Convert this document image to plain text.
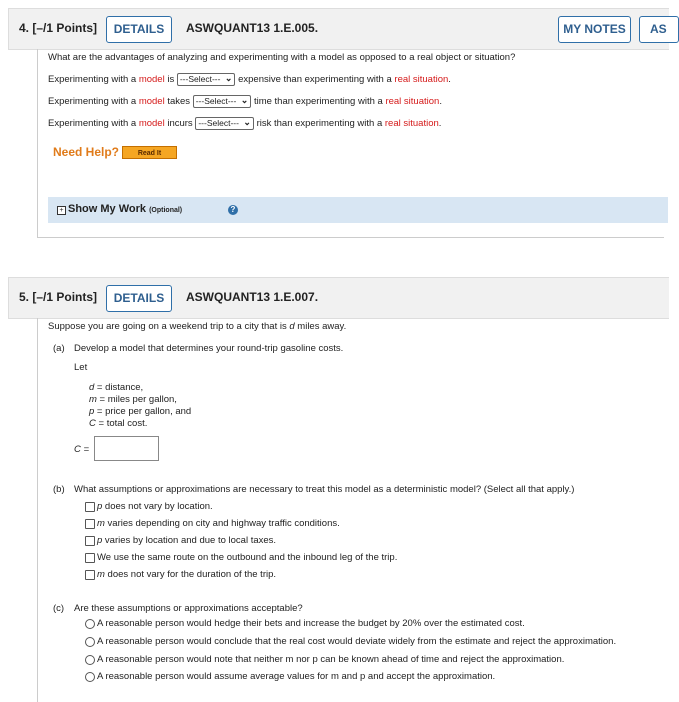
4. [–/1 Points]	DETAILS	ASWQUANT13 1.E.005.	MY NOTES	AS
What are the advantages of analyzing and experimenting with a model as opposed to a real object or situation?
Experimenting with a model is ---Select--- ⌄ expensive than experimenting with a real situation.
Experimenting with a model takes ---Select--- ⌄ time than experimenting with a real situation.
Experimenting with a model incurs ---Select--- ⌄ risk than experimenting with a real situation.
Need Help?	Read It
+ Show My Work (Optional)	?
5. [–/1 Points]	DETAILS	ASWQUANT13 1.E.007.
Suppose you are going on a weekend trip to a city that is d miles away.
(a) Develop a model that determines your round-trip gasoline costs.
Let
d = distance,
m = miles per gallon,
p = price per gallon, and
C = total cost.
C =
(b) What assumptions or approximations are necessary to treat this model as a deterministic model? (Select all that apply.)
p does not vary by location.
m varies depending on city and highway traffic conditions.
p varies by location and due to local taxes.
We use the same route on the outbound and the inbound leg of the trip.
m does not vary for the duration of the trip.
(c) Are these assumptions or approximations acceptable?
A reasonable person would hedge their bets and increase the budget by 20% over the estimated cost.
A reasonable person would conclude that the real cost would deviate widely from the estimate and reject the approximation.
A reasonable person would note that neither m nor p can be known ahead of time and reject the approximation.
A reasonable person would assume average values for m and p and accept the approximation.
